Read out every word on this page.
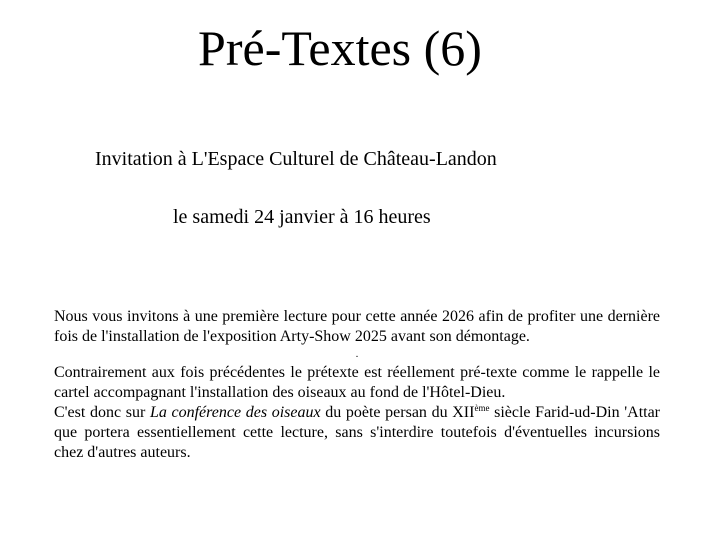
Pré-Textes (6)
Invitation à L'Espace Culturel de Château-Landon
le samedi 24 janvier à 16 heures

Nous vous invitons à une première lecture pour cette année 2026 afin de profiter une dernière fois de l'installation de l'exposition Arty-Show 2025 avant son démontage.

.

Contrairement aux fois précédentes le prétexte est réellement pré-texte comme le rappelle le cartel accompagnant l'installation des oiseaux au fond de l'Hôtel-Dieu.

C'est donc sur La conférence des oiseaux du poète persan du XIIème siècle Farid-ud-Din 'Attar que portera essentiellement cette lecture, sans s'interdire toutefois d'éventuelles incursions chez d'autres auteurs.
